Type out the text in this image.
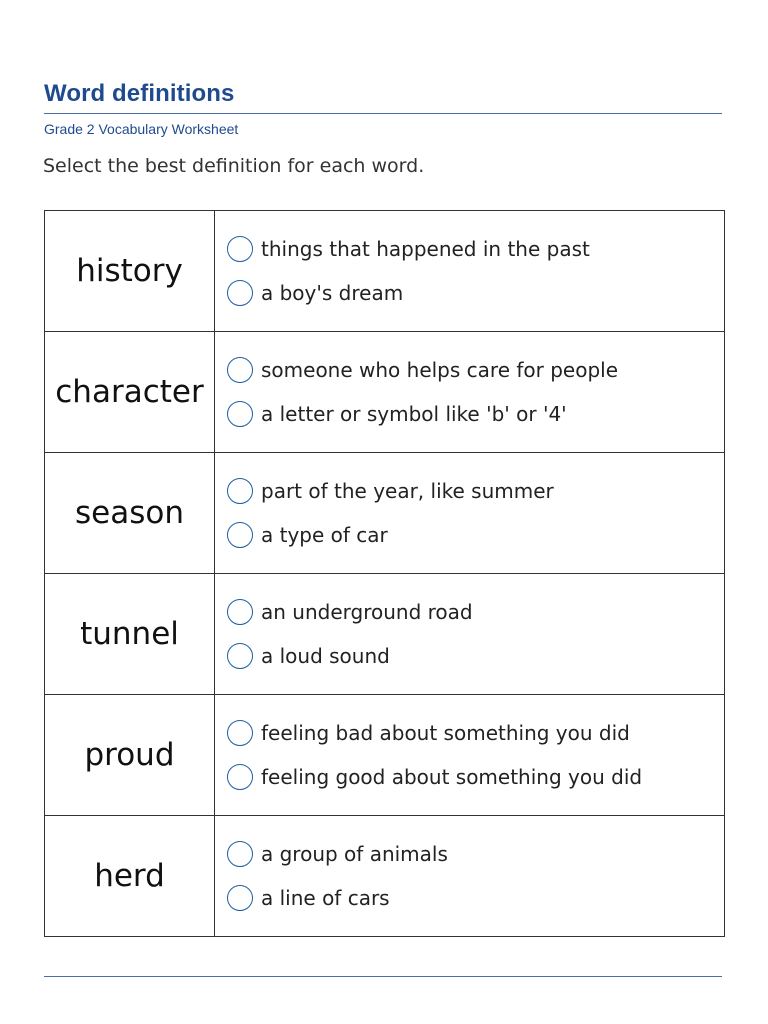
Word definitions
Grade 2 Vocabulary Worksheet
Select the best definition for each word.
history	things that happened in the past
a boy's dream

character	someone who helps care for people
a letter or symbol like 'b' or '4'

season	part of the year, like summer
a type of car

tunnel	an underground road
a loud sound

proud	feeling bad about something you did
feeling good about something you did

herd	a group of animals
a line of cars
